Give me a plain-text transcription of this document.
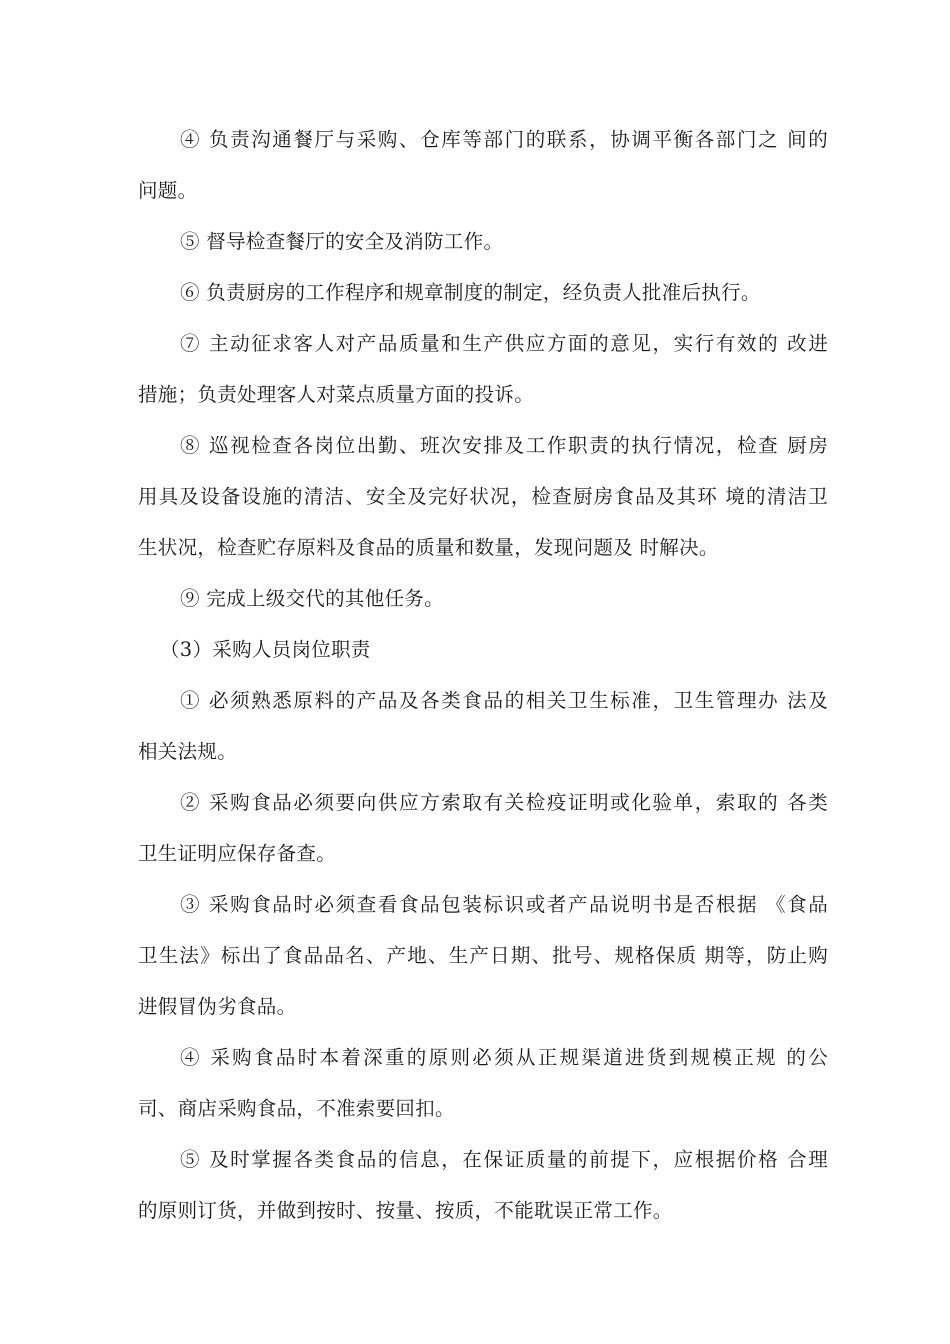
④ 负责沟通餐厅与采购、仓库等部门的联系，协调平衡各部门之 间的
问题。
⑤ 督导检查餐厅的安全及消防工作。
⑥ 负责厨房的工作程序和规章制度的制定，经负责人批准后执行。
⑦ 主动征求客人对产品质量和生产供应方面的意见，实行有效的 改进
措施；负责处理客人对菜点质量方面的投诉。
⑧ 巡视检查各岗位出勤、班次安排及工作职责的执行情况，检查 厨房
用具及设备设施的清洁、安全及完好状况，检查厨房食品及其环 境的清洁卫
生状况，检查贮存原料及食品的质量和数量，发现问题及 时解决。
⑨ 完成上级交代的其他任务。
（3）采购人员岗位职责
① 必须熟悉原料的产品及各类食品的相关卫生标准，卫生管理办 法及
相关法规。
② 采购食品必须要向供应方索取有关检疫证明或化验单，索取的 各类
卫生证明应保存备查。
③ 采购食品时必须查看食品包装标识或者产品说明书是否根据 《食品
卫生法》标出了食品品名、产地、生产日期、批号、规格保质 期等，防止购
进假冒伪劣食品。
④ 采购食品时本着深重的原则必须从正规渠道进货到规模正规 的公
司、商店采购食品，不准索要回扣。
⑤ 及时掌握各类食品的信息，在保证质量的前提下，应根据价格 合理
的原则订货，并做到按时、按量、按质，不能耽误正常工作。
